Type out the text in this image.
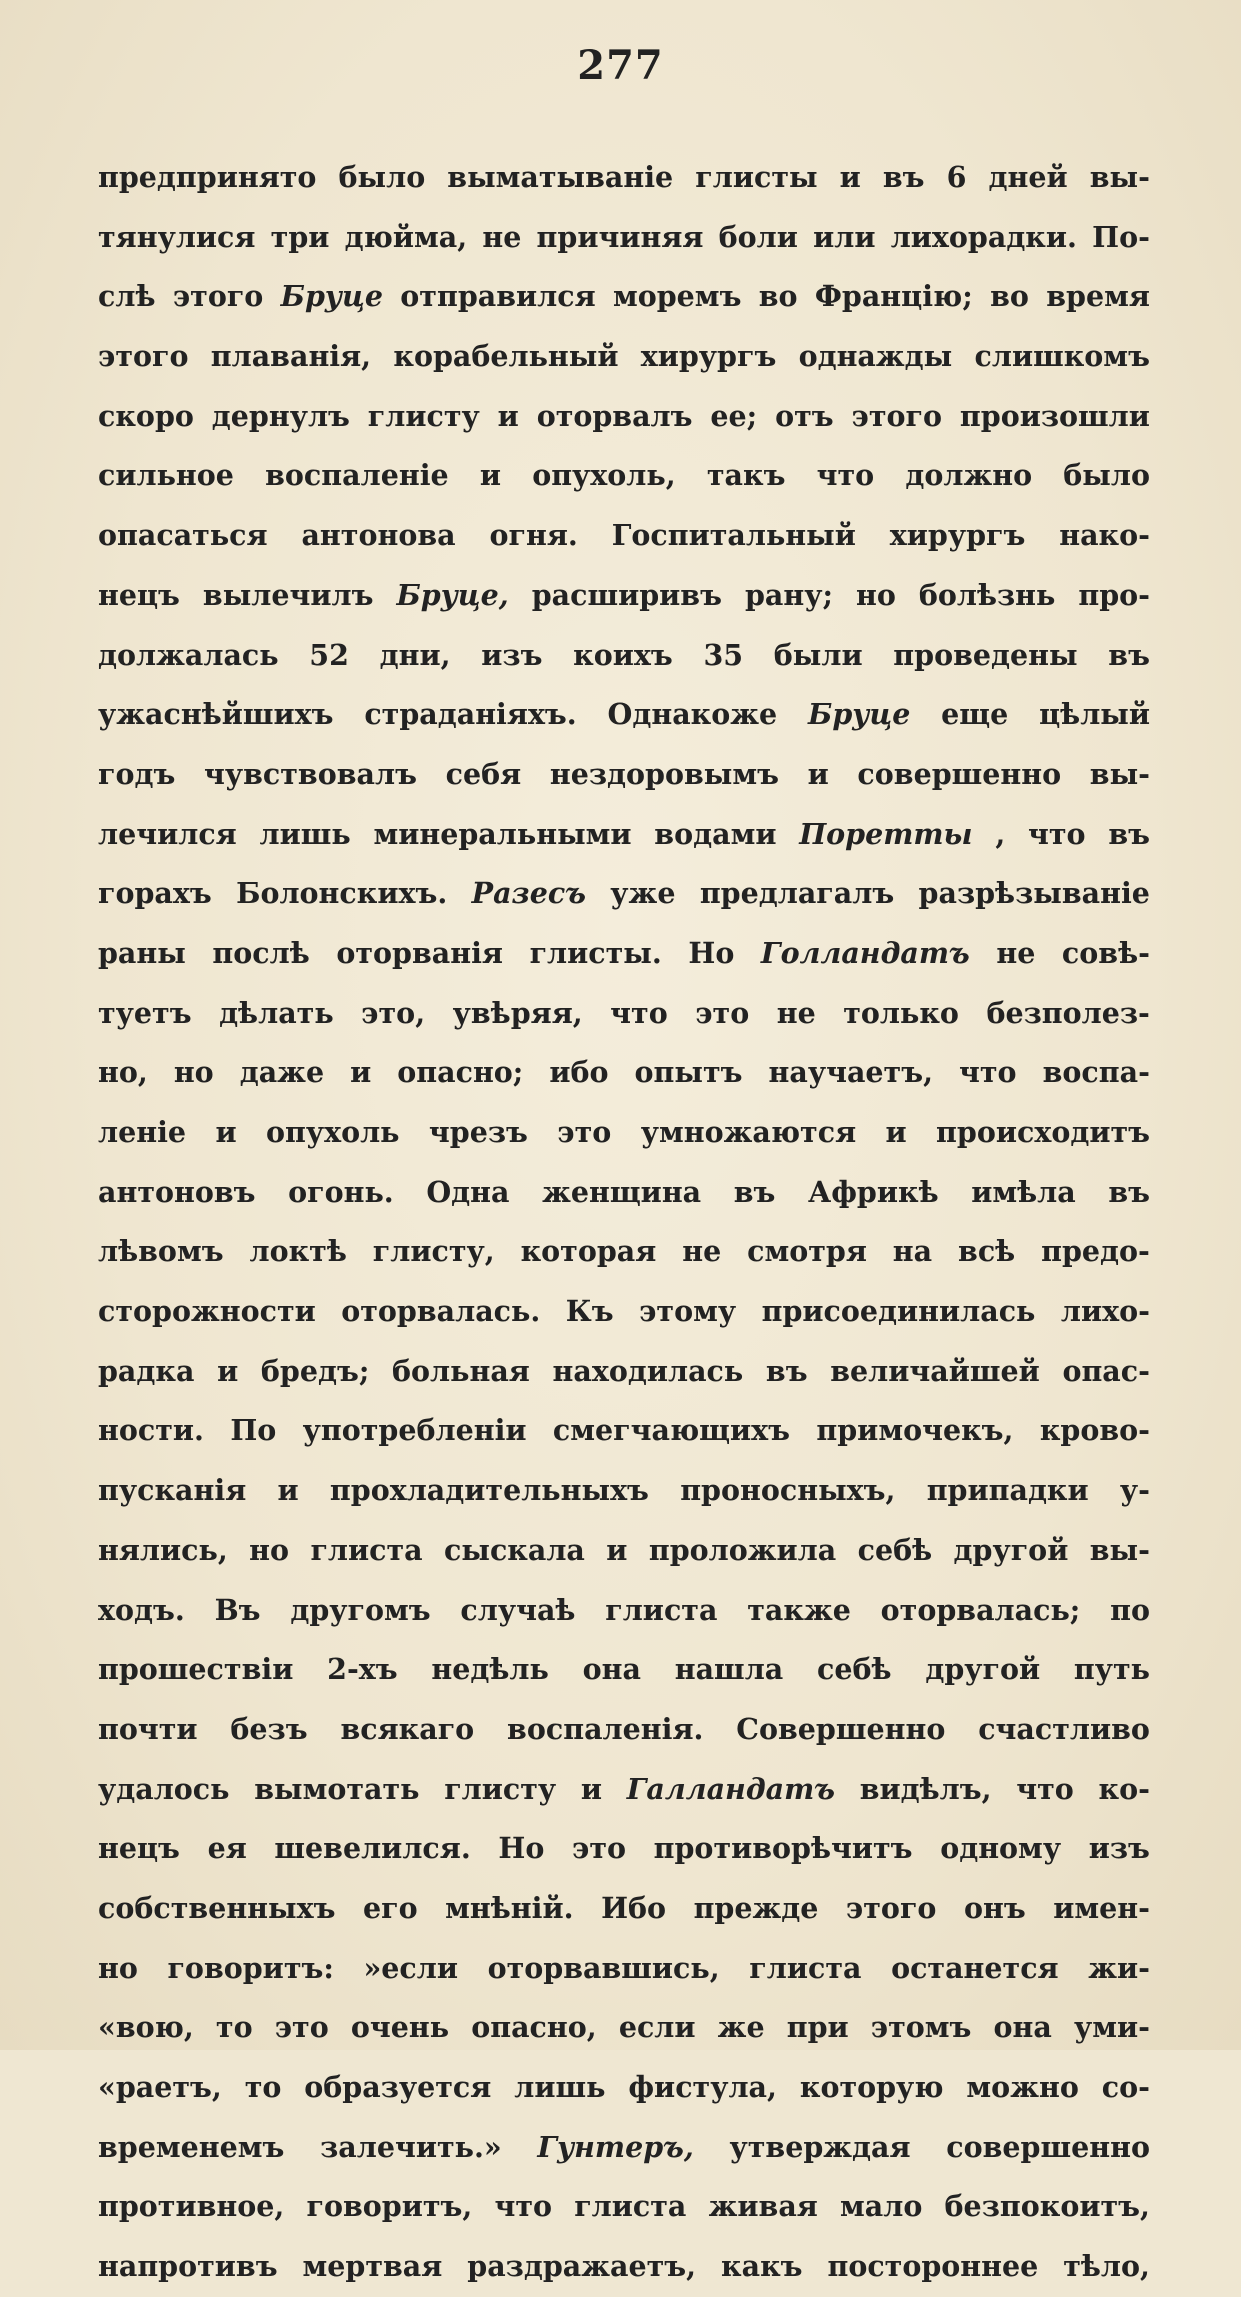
277
предпринято было выматываніе глисты и въ 6 дней вы-
тянулися три дюйма, не причиняя боли или лихорадки. По-
слѣ этого Бруце отправился моремъ во Францію; во время
этого плаванія, корабельный хирургъ однажды слишкомъ
скоро дернулъ глисту и оторвалъ ее; отъ этого произошли
сильное воспаленіе и опухоль, такъ что должно было
опасаться антонова огня. Госпитальный хирургъ нако-
нецъ вылечилъ Бруце, расширивъ рану; но болѣзнь про-
должалась 52 дни, изъ коихъ 35 были проведены въ
ужаснѣйшихъ страданіяхъ. Однакоже Бруце еще цѣлый
годъ чувствовалъ себя нездоровымъ и совершенно вы-
лечился лишь минеральными водами Поретты , что въ
горахъ Болонскихъ. Разесъ уже предлагалъ разрѣзываніе
раны послѣ оторванія глисты. Но Голландатъ не совѣ-
туетъ дѣлать это, увѣряя, что это не только безполез-
но, но даже и опасно; ибо опытъ научаетъ, что воспа-
леніе и опухоль чрезъ это умножаются и происходитъ
антоновъ огонь. Одна женщина въ Африкѣ имѣла въ
лѣвомъ локтѣ глисту, которая не смотря на всѣ предо-
сторожности оторвалась. Къ этому присоединилась лихо-
радка и бредъ; больная находилась въ величайшей опас-
ности. По употребленіи смегчающихъ примочекъ, крово-
пусканія и прохладительныхъ проносныхъ, припадки у-
нялись, но глиста сыскала и проложила себѣ другой вы-
ходъ. Въ другомъ случаѣ глиста также оторвалась; по
прошествіи 2-хъ недѣль она нашла себѣ другой путь
почти безъ всякаго воспаленія. Совершенно счастливо
удалось вымотать глисту и Галландатъ видѣлъ, что ко-
нецъ ея шевелился. Но это противорѣчитъ одному изъ
собственныхъ его мнѣній. Ибо прежде этого онъ имен-
но говоритъ: »если оторвавшись, глиста останется жи-
«вою, то это очень опасно, если же при этомъ она уми-
«раетъ, то образуется лишь фистула, которую можно со-
временемъ залечить.» Гунтеръ, утверждая совершенно
противное, говоритъ, что глиста живая мало безпокоитъ,
напротивъ мертвая раздражаетъ, какъ постороннее тѣло,
